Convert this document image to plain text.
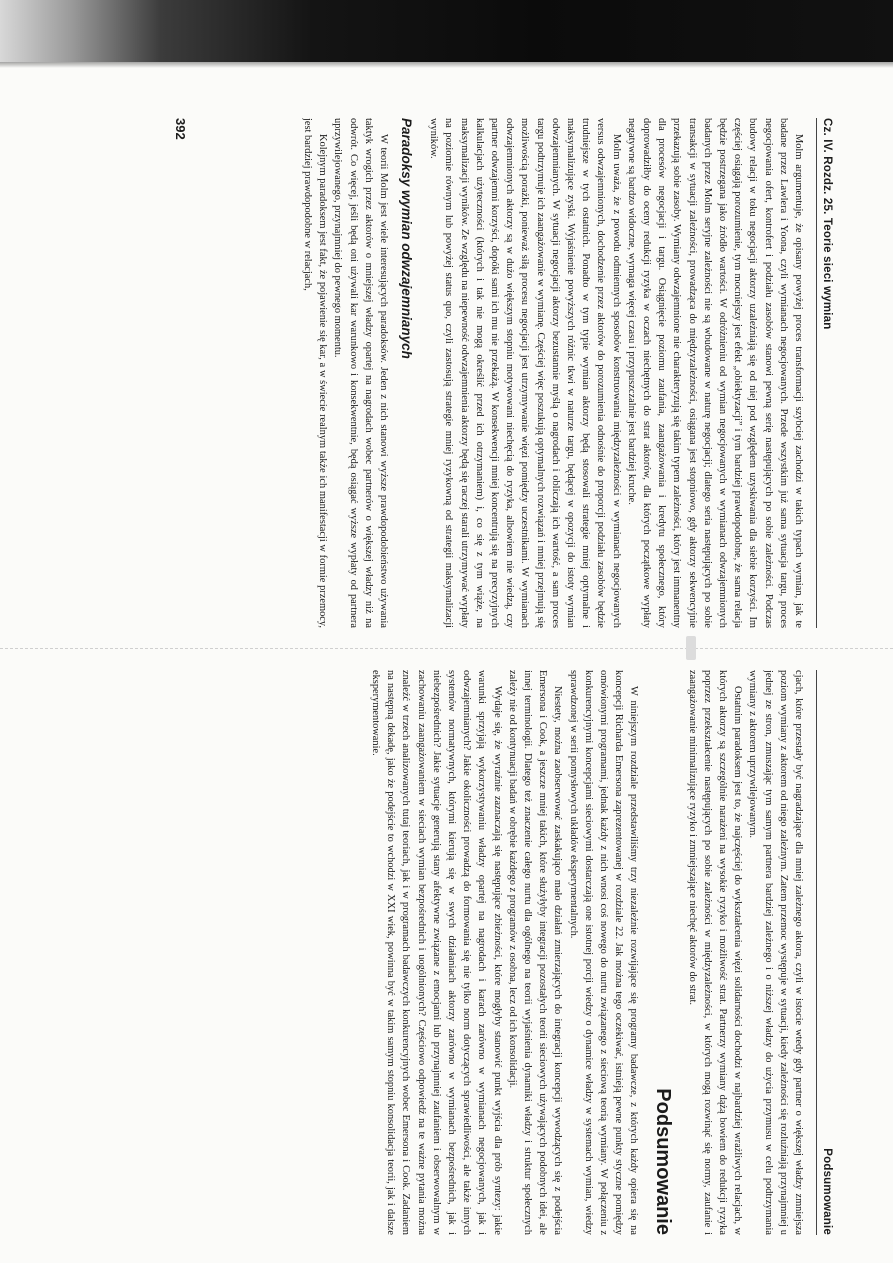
Cz. IV. Rozdz. 25. Teorie sieci wymian

Molm argumentuje, że opisany powyżej proces transformacji szybciej zachodzi w takich typach wymian, jak te badane przez Lawlera i Yoona, czyli wymianach negocjowanych. Przede wszystkim już sama sytuacja targu, proces negocjowania ofert, kontrofert i podziału zasobów stanowi pewną serię następujących po sobie zależności. Podczas budowy relacji w toku negocjacji aktorzy uzależniają się od niej pod względem uzyskiwania dla siebie korzyści. Im częściej osiągają porozumienie, tym mocniejszy jest efekt „obiektyzacji” i tym bardziej prawdopodobne, że sama relacja będzie postrzegana jako źródło wartości. W odróżnieniu od wymian negocjowanych w wymianach odwzajemnionych badanych przez Molm seryjne zależności nie są wbudowane w naturę negocjacji; dlatego seria następujących po sobie transakcji w sytuacji zależności, prowadząca do międzyzależności, osiągana jest stopniowo, gdy aktorzy sekwencyjnie przekazują sobie zasoby. Wymiany odwzajemnione nie charakteryzują się takim typem zależności, który jest immanentny dla procesów negocjacji i targu. Osiągnięcie poziomu zaufania, zaangażowania i kredytu społecznego, który doprowadziłby do oceny redukcji ryzyka w oczach niechętnych do strat aktorów, dla których początkowe wypłaty negatywne są bardzo widoczne, wymaga więcej czasu i przypuszczalnie jest bardziej kruche.

Molm uważa, że z powodu odmiennych sposobów konstruowania międzyzależności w wymianach negocjowanych versus odwzajemnionych, dochodzenie przez aktorów do porozumienia odnośnie do proporcji podziału zasobów będzie trudniejsze w tych ostatnich. Ponadto w tym typie wymian aktorzy będą stosowali strategie mniej optymalne i maksymalizujące zyski. Wyjaśnienie powyższych różnic tkwi w naturze targu, będącej w opozycji do istoty wymian odwzajemnianych. W sytuacji negocjacji aktorzy bezustannie myślą o nagrodach i obliczają ich wartość, a sam proces targu podtrzymuje ich zaangażowanie w wymianę. Częściej więc poszukują optymalnych rozwiązań i mniej przejmują się możliwością porażki, ponieważ siłą procesu negocjacji jest utrzymywanie więzi pomiędzy uczestnikami. W wymianach odwzajemnionych aktorzy są w dużo większym stopniu motywowani niechęcią do ryzyka, albowiem nie wiedzą, czy partner odwzajemni korzyści, dopóki sami ich mu nie przekażą. W konsekwencji mniej koncentrują się na precyzyjnych kalkulacjach użyteczności (których i tak nie mogą określić przed ich otrzymaniem) i, co się z tym wiąże, na maksymalizacji wyników. Ze względu na niepewność odwzajemnienia aktorzy będą się raczej starali utrzymywać wypłaty na poziomie równym lub powyżej status quo, czyli zastosują strategie mniej ryzykowną od strategii maksymalizacji wyników.

Paradoksy wymian odwzajemnianych

W teorii Molm jest wiele interesujących paradoksów. Jeden z nich stanowi wyższe prawdopodobieństwo używania taktyk wrogich przez aktorów o mniejszej władzy opartej na nagrodach wobec partnerów o większej władzy niż na odwrót. Co więcej, jeśli będą oni używali kar warunkowo i konsekwentnie, będą osiągać wyższe wypłaty od partnera uprzywilejowanego, przynajmniej do pewnego momentu.

Kolejnym paradoksem jest fakt, że pojawienie się kar, a w świecie realnym także ich manifestacji w formie przemocy, jest bardziej prawdopodobne w relacjach,

392
Podsumowanie

cjach, które przestały być nagradzające dla mniej zależnego aktora, czyli w istocie wtedy gdy partner o większej władzy zmniejsza poziom wymiany z aktorem od niego zależnym. Zatem przemoc występuje w sytuacji, kiedy zależności się rozluźniają przynajmniej u jednej ze stron, zmuszając tym samym partnera bardziej zależnego i o niższej władzy do użycia przymusu w celu podtrzymania wymiany z aktorem uprzywilejowanym.

Ostatnim paradoksem jest to, że najczęściej do wykształcenia więzi solidarności dochodzi w najbardziej wrażliwych relacjach, w których aktorzy są szczególnie narażeni na wysokie ryzyko i możliwość strat. Partnerzy wymiany dążą bowiem do redukcji ryzyka poprzez przekształcenie następujących po sobie zależności w międzyzależności, w których mogą rozwinąć się normy, zaufanie i zaangażowanie minimalizujące ryzyko i zmniejszające niechęć aktorów do strat.

Podsumowanie

W niniejszym rozdziale przedstawiliśmy trzy niezależnie rozwijające się programy badawcze, z których każdy opiera się na koncepcji Richarda Emersona zaprezentowanej w rozdziale 22. Jak można tego oczekiwać, istnieją pewne punkty styczne pomiędzy omówionymi programami, jednak każdy z nich wnosi coś nowego do nurtu związanego z sieciową teorią wymiany. W połączeniu z konkurencyjnymi koncepcjami sieciowymi dostarczają one istotnej porcji wiedzy o dynamice władzy w systemach wymian, wiedzy sprawdzonej w serii pomysłowych układów eksperymentalnych.

Niestety, można zaobserwować zaskakująco mało działań zmierzających do integracji koncepcji wywodzących się z podejścia Emersona i Cook, a jeszcze mniej takich, które służyłyby integracji pozostałych teorii sieciowych używających podobnych idei, ale innej terminologii. Dlatego też znaczenie całego nurtu dla ogólnego na teorii wyjaśnienia dynamiki władzy i struktur społecznych zależy nie od kontynuacji badań w obrębie każdego z programów z osobna, lecz od ich konsolidacji.

Wydaje się, że wyraźnie zaznaczają się następujące zbieżności, które mogłyby stanowić punkt wyjścia dla prób syntezy: jakie warunki sprzyjają wykorzystywaniu władzy opartej na nagrodach i karach zarówno w wymianach negocjowanych, jak i odwzajemnianych? Jakie okoliczności prowadzą do formowania się nie tylko norm dotyczących sprawiedliwości, ale także innych systemów normatywnych, którymi kierują się w swych działaniach aktorzy zarówno w wymianach bezpośrednich, jak i niebezpośrednich? Jakie sytuacje generują stany afektywne związane z emocjami lub przynajmniej zaufaniem i obserwowalnym w zachowaniu zaangażowaniem w sieciach wymian bezpośrednich i uogólnionych? Częściowo odpowiedź na te ważne pytania można znaleźć w trzech analizowanych tutaj teoriach, jak i w programach badawczych konkurencyjnych wobec Emersona i Cook. Zadaniem na następną dekadę, jako że podejście to wchodzi w XXI wiek, powinna być w takim samym stopniu konsolidacja teorii, jak i dalsze eksperymentowanie.
